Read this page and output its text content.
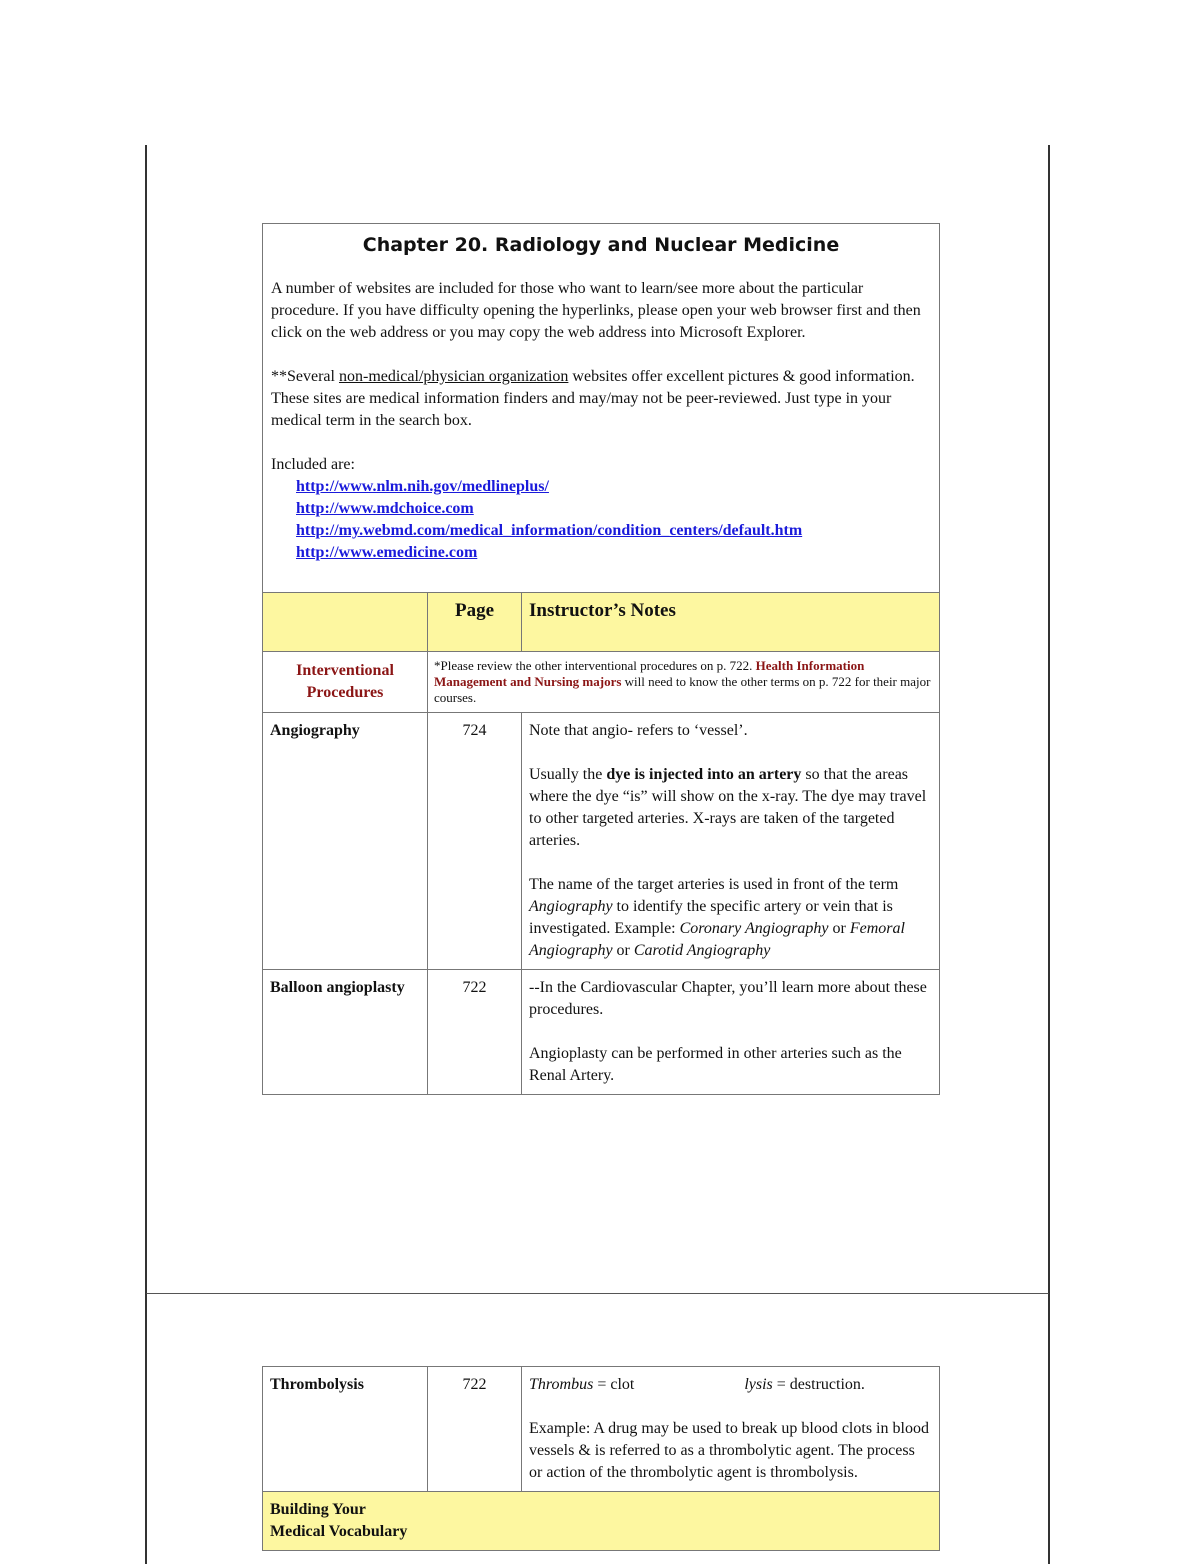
Chapter 20. Radiology and Nuclear Medicine

A number of websites are included for those who want to learn/see more about the particular procedure. If you have difficulty opening the hyperlinks, please open your web browser first and then click on the web address or you may copy the web address into Microsoft Explorer.

**Several non-medical/physician organization websites offer excellent pictures & good information. These sites are medical information finders and may/may not be peer-reviewed. Just type in your medical term in the search box.

Included are:
http://www.nlm.nih.gov/medlineplus/
http://www.mdchoice.com
http://my.webmd.com/medical_information/condition_centers/default.htm
http://www.emedicine.com
	Page	Instructor’s Notes
Interventional Procedures	*Please review the other interventional procedures on p. 722. Health Information Management and Nursing majors will need to know the other terms on p. 722 for their major courses.	
Angiography	724	Note that angio- refers to ‘vessel’.

Usually the dye is injected into an artery so that the areas where the dye “is” will show on the x-ray. The dye may travel to other targeted arteries. X-rays are taken of the targeted arteries.

The name of the target arteries is used in front of the term Angiography to identify the specific artery or vein that is investigated. Example: Coronary Angiography or Femoral Angiography or Carotid Angiography

Balloon angioplasty	722	--In the Cardiovascular Chapter, you’ll learn more about these procedures.

Angioplasty can be performed in other arteries such as the Renal Artery.

Thrombolysis	722	Thrombus = clot	lysis = destruction.

Example: A drug may be used to break up blood clots in blood vessels & is referred to as a thrombolytic agent. The process or action of the thrombolytic agent is thrombolysis.

Building Your Medical Vocabulary
